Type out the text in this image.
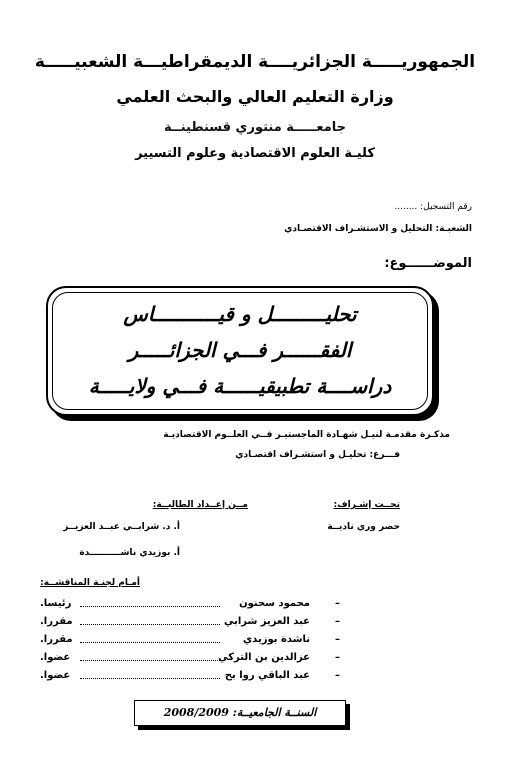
الجمهوريـــــة الجزائريــــة الديمقراطيـــة الشعبيـــــة
وزارة التعليم العالي والبحث العلمي
جامعـــــة منتوري قسنطينــة
كليـة العلوم الاقتصادية وعلوم التسيير
رقم التسجيل: ........
الشعبـة: التحليل و الاستشـراف الاقتصـادي
الموضــــــوع:
تحليـــــــــل و قيـــــــــــاس
الفقــــــر فـــي الجزائـــــر
دراســــة تطبيقيــــــة فـــي ولايـــــة
مذكـرة مقدمـة لنيـل شهـادة الماجستيـر فــي العلــوم الاقتصاديـة
فـــرع: تحليـل و استشـراف اقتصـادي
تحــت إشـراف:
حصر وري ناديــة
مــن إعــداد الطالبــة:
أ. د. شرابــي عبــد العزيــز
أ. بوزيدي ناشــــــــــدة
أمـام لجنـة المناقشــة:
–
محمود سحنون
رئيسا.
–
عبد العزيز شرابي
مقررا.
–
ناشدة بوزيدي
مقررا.
–
عزالدين بن التركي
عضوا.
–
عبد الباقي روا بح
عضوا.
السنــة الجامعيــة: 2008/2009
